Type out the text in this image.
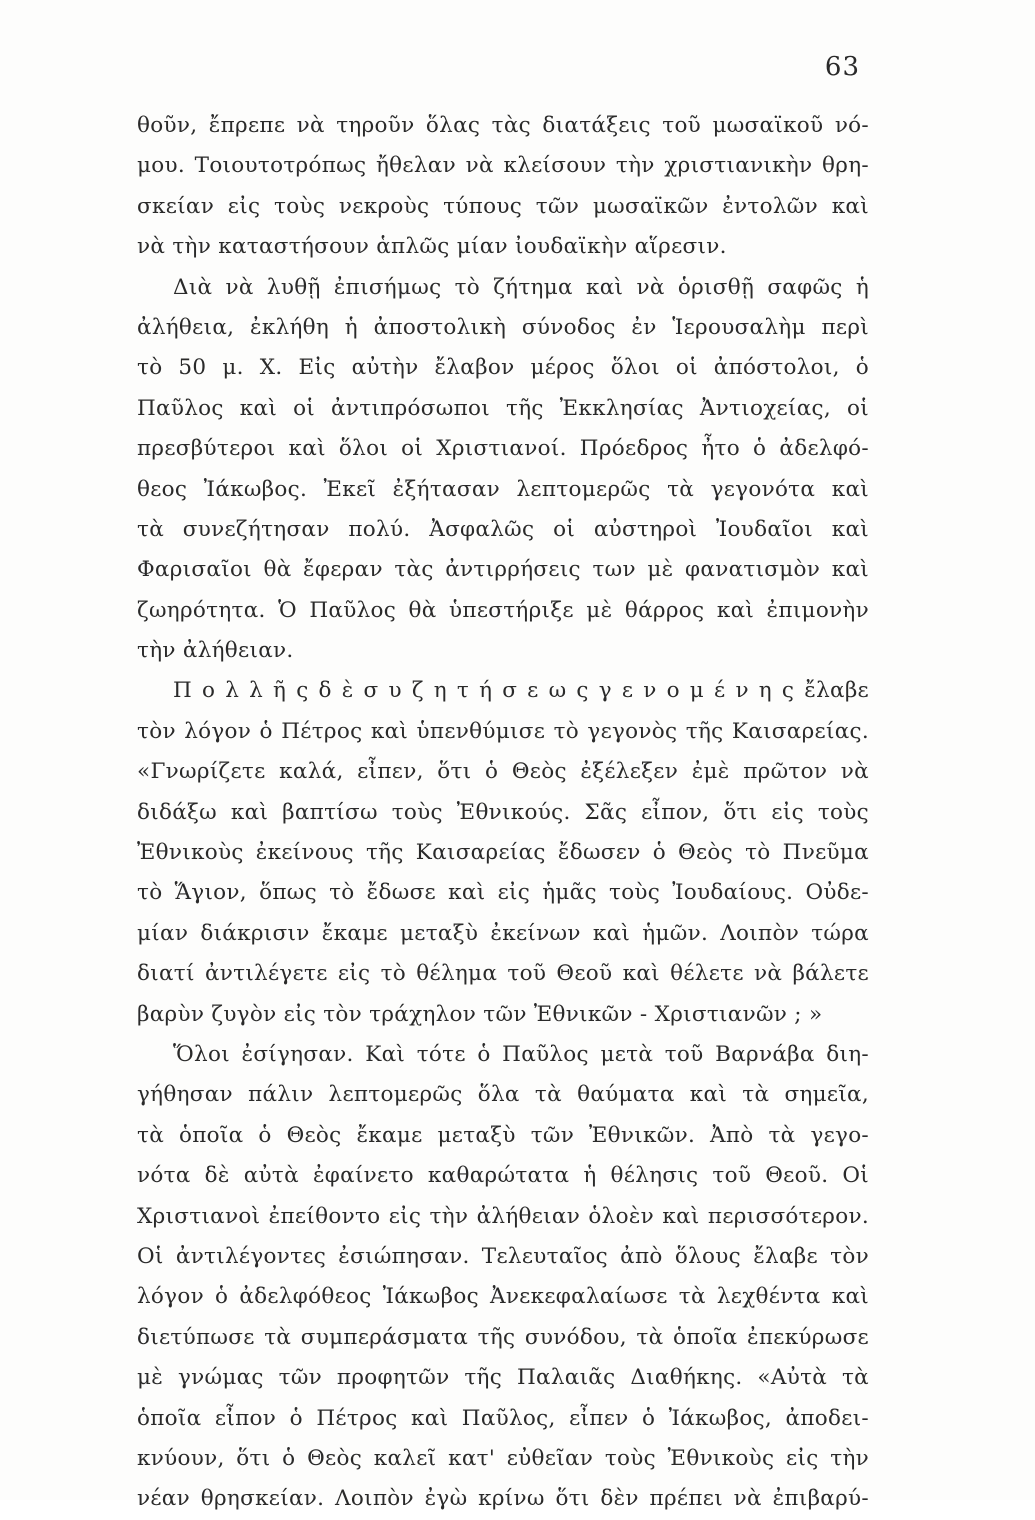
63
θοῦν, ἔπρεπε νὰ τηροῦν ὅλας τὰς διατάξεις τοῦ μωσαϊκοῦ νό-
μου. Τοιουτοτρόπως ἤθελαν νὰ κλείσουν τὴν χριστιανικὴν θρη-
σκείαν εἰς τοὺς νεκροὺς τύπους τῶν μωσαϊκῶν ἐντολῶν καὶ
νὰ τὴν καταστήσουν ἁπλῶς μίαν ἰουδαϊκὴν αἵρεσιν.
Διὰ νὰ λυθῇ ἐπισήμως τὸ ζήτημα καὶ νὰ ὁρισθῇ σαφῶς ἡ
ἀλήθεια, ἐκλήθη ἡ ἀποστολικὴ σύνοδος ἐν Ἱερουσαλὴμ περὶ
τὸ 50 μ. Χ. Εἰς αὐτὴν ἔλαβον μέρος ὅλοι οἱ ἀπόστολοι, ὁ
Παῦλος καὶ οἱ ἀντιπρόσωποι τῆς Ἐκκλησίας Ἀντιοχείας, οἱ
πρεσβύτεροι καὶ ὅλοι οἱ Χριστιανοί. Πρόεδρος ἦτο ὁ ἀδελφό-
θεος Ἰάκωβος. Ἐκεῖ ἐξήτασαν λεπτομερῶς τὰ γεγονότα καὶ
τὰ συνεζήτησαν πολύ. Ἀσφαλῶς οἱ αὐστηροὶ Ἰουδαῖοι καὶ
Φαρισαῖοι θὰ ἔφεραν τὰς ἀντιρρήσεις των μὲ φανατισμὸν καὶ
ζωηρότητα. Ὁ Παῦλος θὰ ὑπεστήριξε μὲ θάρρος καὶ ἐπιμονὴν
τὴν ἀλήθειαν.
Π ο λ λ ῆ ς δ ὲ σ υ ζ η τ ή σ ε ω ς γ ε ν ο μ έ ν η ς ἔλαβε
τὸν λόγον ὁ Πέτρος καὶ ὑπενθύμισε τὸ γεγονὸς τῆς Καισαρείας.
«Γνωρίζετε καλά, εἶπεν, ὅτι ὁ Θεὸς ἐξέλεξεν ἐμὲ πρῶτον νὰ
διδάξω καὶ βαπτίσω τοὺς Ἐθνικούς. Σᾶς εἶπον, ὅτι εἰς τοὺς
Ἐθνικοὺς ἐκείνους τῆς Καισαρείας ἔδωσεν ὁ Θεὸς τὸ Πνεῦμα
τὸ Ἅγιον, ὅπως τὸ ἔδωσε καὶ εἰς ἡμᾶς τοὺς Ἰουδαίους. Οὐδε-
μίαν διάκρισιν ἔκαμε μεταξὺ ἐκείνων καὶ ἡμῶν. Λοιπὸν τώρα
διατί ἀντιλέγετε εἰς τὸ θέλημα τοῦ Θεοῦ καὶ θέλετε νὰ βάλετε
βαρὺν ζυγὸν εἰς τὸν τράχηλον τῶν Ἐθνικῶν - Χριστιανῶν ; »
Ὅλοι ἐσίγησαν. Καὶ τότε ὁ Παῦλος μετὰ τοῦ Βαρνάβα διη-
γήθησαν πάλιν λεπτομερῶς ὅλα τὰ θαύματα καὶ τὰ σημεῖα,
τὰ ὁποῖα ὁ Θεὸς ἔκαμε μεταξὺ τῶν Ἐθνικῶν. Ἀπὸ τὰ γεγο-
νότα δὲ αὐτὰ ἐφαίνετο καθαρώτατα ἡ θέλησις τοῦ Θεοῦ. Οἱ
Χριστιανοὶ ἐπείθοντο εἰς τὴν ἀλήθειαν ὁλοὲν καὶ περισσότερον.
Οἱ ἀντιλέγοντες ἐσιώπησαν. Τελευταῖος ἀπὸ ὅλους ἔλαβε τὸν
λόγον ὁ ἀδελφόθεος Ἰάκωβος Ἀνεκεφαλαίωσε τὰ λεχθέντα καὶ
διετύπωσε τὰ συμπεράσματα τῆς συνόδου, τὰ ὁποῖα ἐπεκύρωσε
μὲ γνώμας τῶν προφητῶν τῆς Παλαιᾶς Διαθήκης. «Αὐτὰ τὰ
ὁποῖα εἶπον ὁ Πέτρος καὶ Παῦλος, εἶπεν ὁ Ἰάκωβος, ἀποδει-
κνύουν, ὅτι ὁ Θεὸς καλεῖ κατ' εὐθεῖαν τοὺς Ἐθνικοὺς εἰς τὴν
νέαν θρησκείαν. Λοιπὸν ἐγὼ κρίνω ὅτι δὲν πρέπει νὰ ἐπιβαρύ-
